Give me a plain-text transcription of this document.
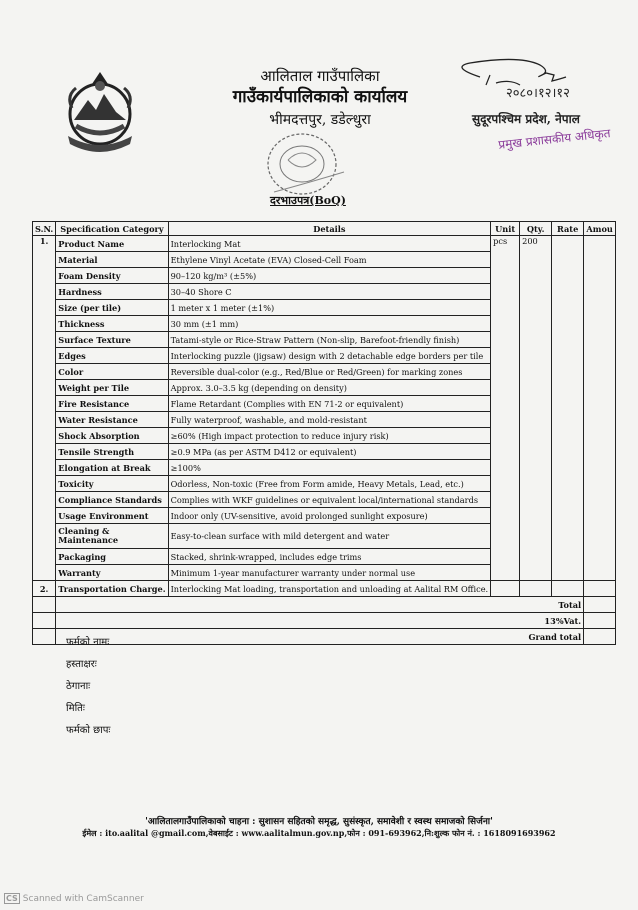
आलिताल गाउँपालिका
गाउँकार्यपालिकाको कार्यालय
भीमदत्तपुर, डडेल्धुरा
२०८०।१२।१२
सुदूरपश्चिम प्रदेश, नेपाल
प्रमुख प्रशासकीय अधिकृत
दरभाउपत्र(BoQ)
S.N.	Specification Category	Details	Unit	Qty.	Rate	Amou
1.	Product Name	Interlocking Mat	pcs	200		
	Material	Ethylene Vinyl Acetate (EVA) Closed-Cell Foam				
	Foam Density	90–120 kg/m³ (±5%)				
	Hardness	30–40 Shore C				
	Size (per tile)	1 meter x 1 meter (±1%)				
	Thickness	30 mm (±1 mm)				
	Surface Texture	Tatami-style or Rice-Straw Pattern (Non-slip, Barefoot-friendly finish)				
	Edges	Interlocking puzzle (jigsaw) design with 2 detachable edge borders per tile				
	Color	Reversible dual-color (e.g., Red/Blue or Red/Green) for marking zones				
	Weight per Tile	Approx. 3.0–3.5 kg (depending on density)				
	Fire Resistance	Flame Retardant (Complies with EN 71-2 or equivalent)				
	Water Resistance	Fully waterproof, washable, and mold-resistant				
	Shock Absorption	≥60% (High impact protection to reduce injury risk)				
	Tensile Strength	≥0.9 MPa (as per ASTM D412 or equivalent)				
	Elongation at Break	≥100%				
	Toxicity	Odorless, Non-toxic (Free from Form amide, Heavy Metals, Lead, etc.)				
	Compliance Standards	Complies with WKF guidelines or equivalent local/international standards				
	Usage Environment	Indoor only (UV-sensitive, avoid prolonged sunlight exposure)				
	Cleaning & Maintenance	Easy-to-clean surface with mild detergent and water				
	Packaging	Stacked, shrink-wrapped, includes edge trims				
	Warranty	Minimum 1-year manufacturer warranty under normal use				
2.	Transportation Charge.	Interlocking Mat loading, transportation and unloading at Aalital RM Office.				
	Total					
	13%Vat.					
	Grand total					
फर्मको नामः
हस्ताक्षरः
ठेगानाः
मितिः
फर्मको छापः
'आलितालगाउँपालिकाको चाहना : सुशासन सहितको समृद्ध, सुसंस्कृत, समावेशी र स्वस्थ समाजको सिर्जना'
ईमेल : ito.aalital @gmail.com,वेबसाईट : www.aalitalmun.gov.np,फोन : 091-693962,नि:शुल्क फोन नं. : 1618091693962
CS Scanned with CamScanner
